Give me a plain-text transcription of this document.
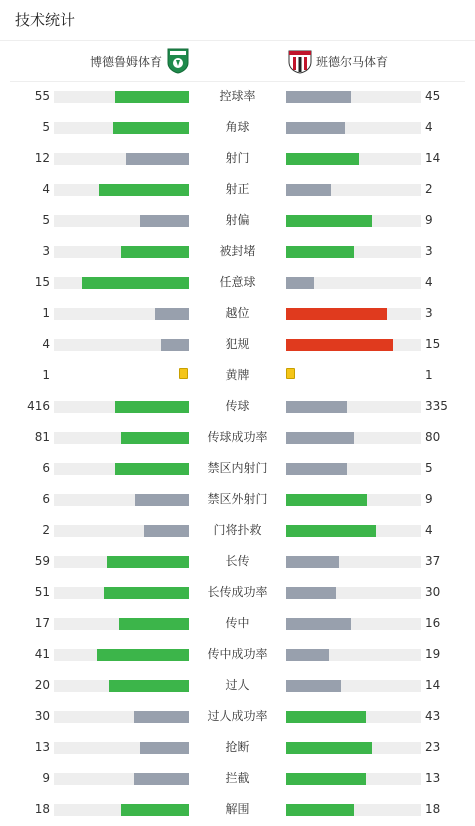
技术统计
博德鲁姆体育	班德尔马体育
55	控球率	45
5	角球	4
12	射门	14
4	射正	2
5	射偏	9
3	被封堵	3
15	任意球	4
1	越位	3
4	犯规	15
1	黄牌	1
416	传球	335
81	传球成功率	80
6	禁区内射门	5
6	禁区外射门	9
2	门将扑救	4
59	长传	37
51	长传成功率	30
17	传中	16
41	传中成功率	19
20	过人	14
30	过人成功率	43
13	抢断	23
9	拦截	13
18	解围	18
